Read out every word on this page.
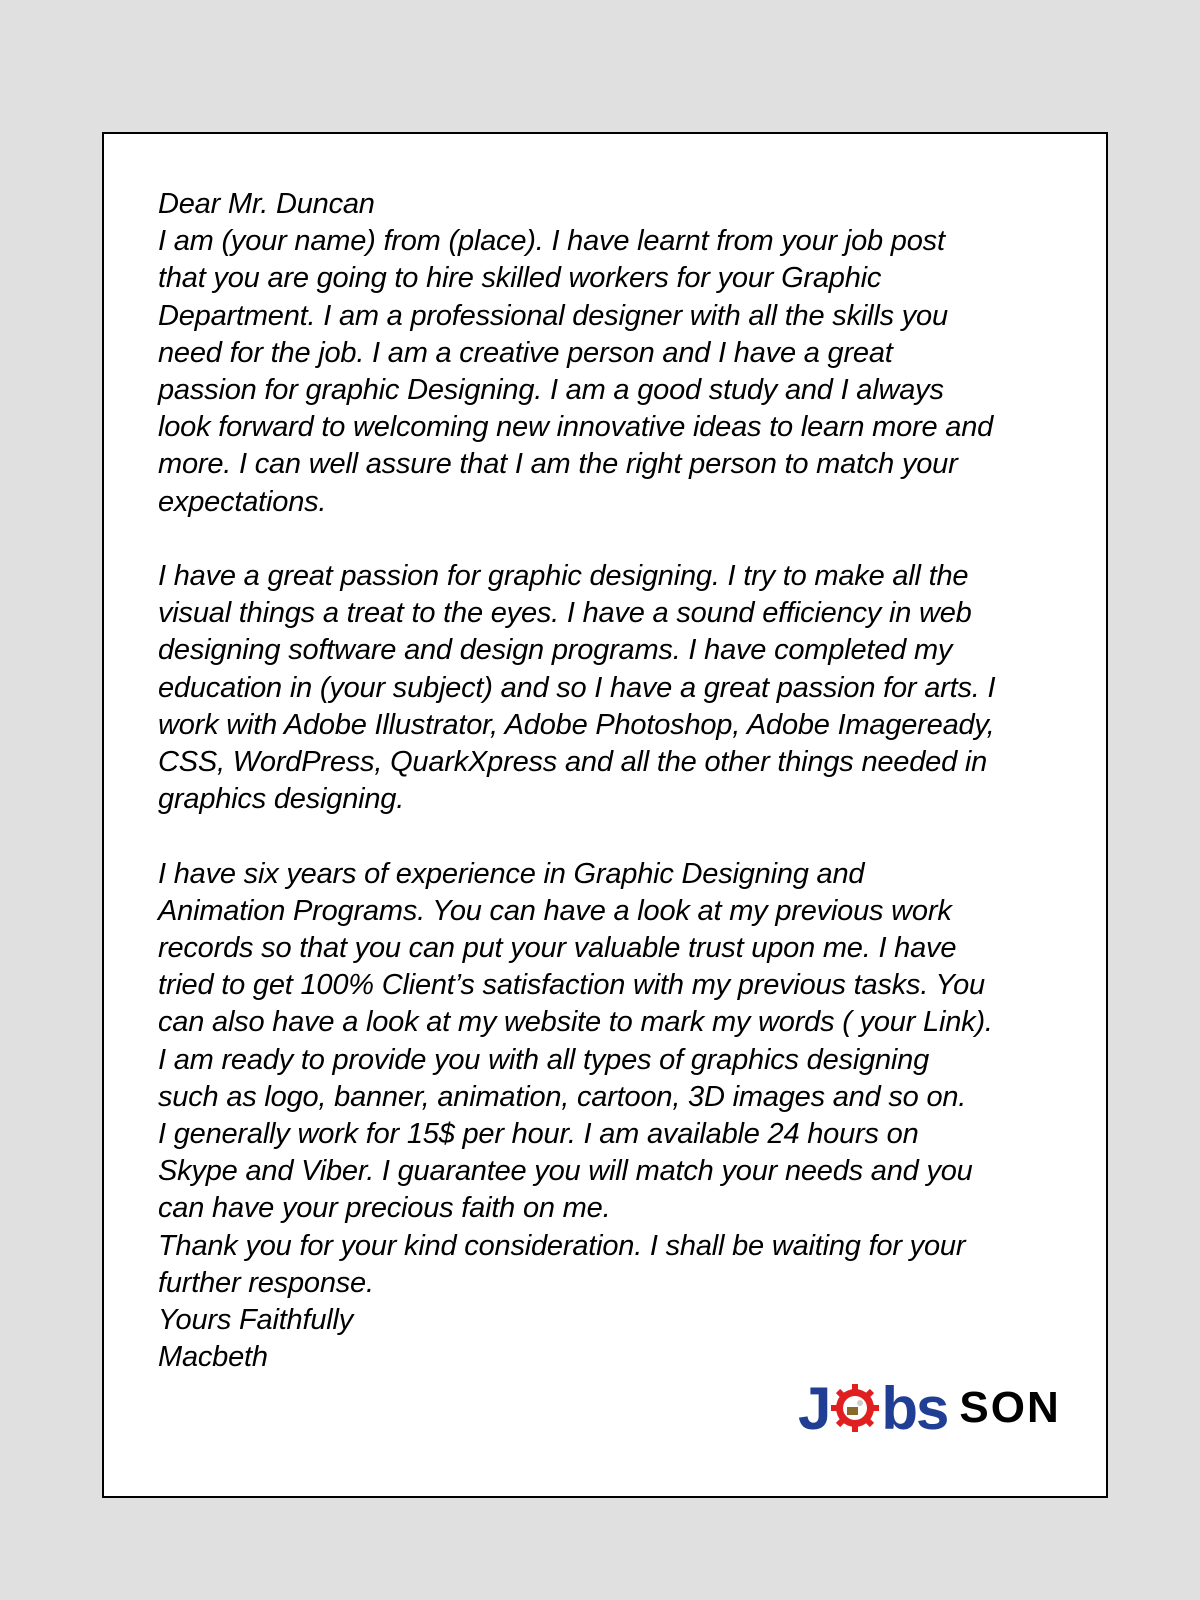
Dear Mr. Duncan
I am (your name) from (place). I have learnt from your job post
that you are going to hire skilled workers for your Graphic
Department. I am a professional designer with all the skills you
need for the job. I am a creative person and I have a great
passion for graphic Designing. I am a good study and I always
look forward to welcoming new innovative ideas to learn more and
more. I can well assure that I am the right person to match your
expectations.
I have a great passion for graphic designing. I try to make all the
visual things a treat to the eyes. I have a sound efficiency in web
designing software and design programs. I have completed my
education in (your subject) and so I have a great passion for arts. I
work with Adobe Illustrator, Adobe Photoshop, Adobe Imageready,
CSS, WordPress, QuarkXpress and all the other things needed in
graphics designing.
I have six years of experience in Graphic Designing and
Animation Programs. You can have a look at my previous work
records so that you can put your valuable trust upon me. I have
tried to get 100% Client’s satisfaction with my previous tasks. You
can also have a look at my website to mark my words ( your Link).
I am ready to provide you with all types of graphics designing
such as logo, banner, animation, cartoon, 3D images and so on.
I generally work for 15$ per hour. I am available 24 hours on
Skype and Viber. I guarantee you will match your needs and you
can have your precious faith on me.
Thank you for your kind consideration. I shall be waiting for your
further response.
Yours Faithfully
Macbeth
J bs SON
